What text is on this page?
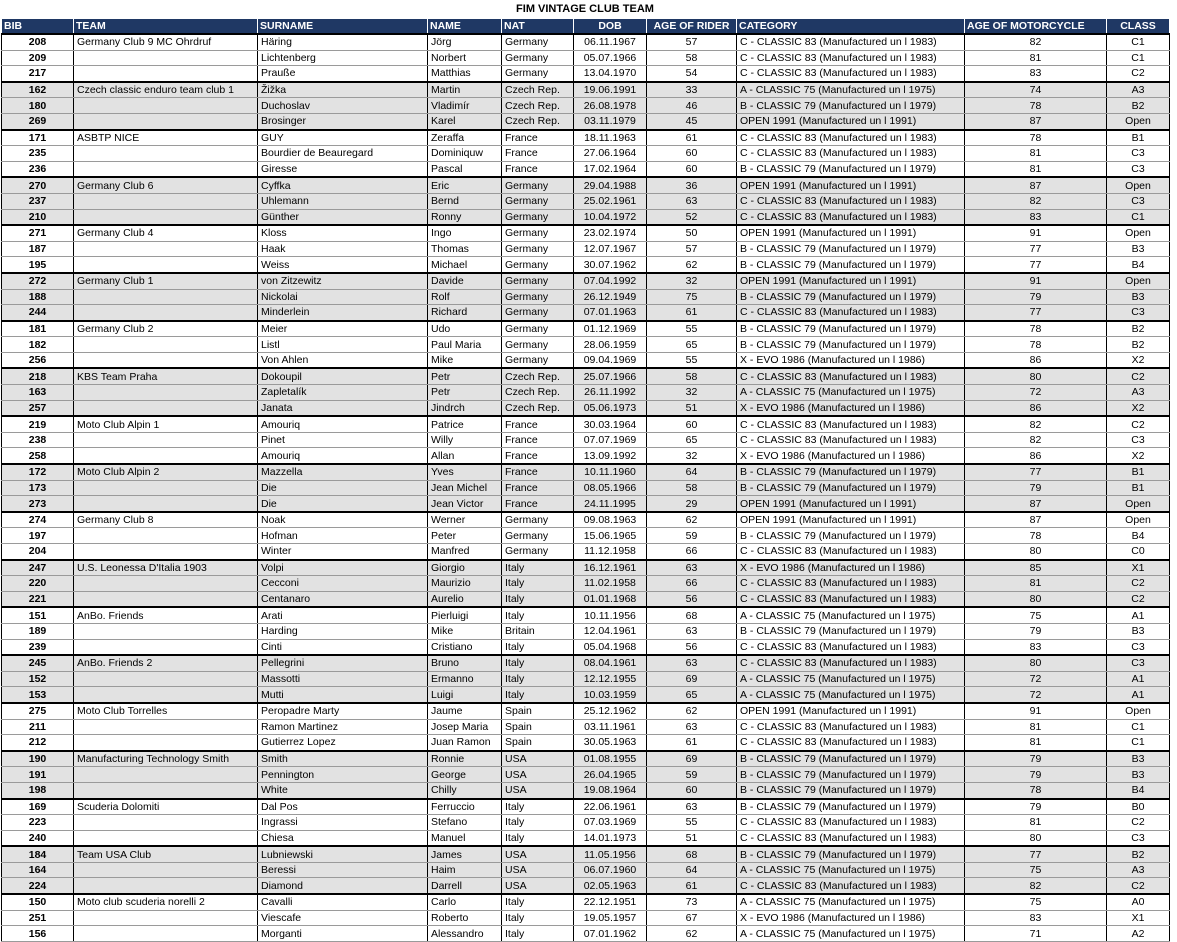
FIM VINTAGE CLUB TEAM
BIB	TEAM	SURNAME	NAME	NAT	DOB	AGE OF RIDER	CATEGORY	AGE OF MOTORCYCLE	CLASS
208	Germany Club 9 MC Ohrdruf	Häring	Jörg	Germany	06.11.1967	57	C - CLASSIC 83 (Manufactured un l 1983)	82	C1
209		Lichtenberg	Norbert	Germany	05.07.1966	58	C - CLASSIC 83 (Manufactured un l 1983)	81	C1
217		Prauße	Matthias	Germany	13.04.1970	54	C - CLASSIC 83 (Manufactured un l 1983)	83	C2
162	Czech classic enduro team club 1	Žižka	Martin	Czech Rep.	19.06.1991	33	A - CLASSIC 75 (Manufactured un l 1975)	74	A3
180		Duchoslav	Vladimír	Czech Rep.	26.08.1978	46	B - CLASSIC 79 (Manufactured un l 1979)	78	B2
269		Brosinger	Karel	Czech Rep.	03.11.1979	45	OPEN 1991 (Manufactured un l 1991)	87	Open
171	ASBTP NICE	GUY	Zeraffa	France	18.11.1963	61	C - CLASSIC 83 (Manufactured un l 1983)	78	B1
235		Bourdier de Beauregard	Dominiquw	France	27.06.1964	60	C - CLASSIC 83 (Manufactured un l 1983)	81	C3
236		Giresse	Pascal	France	17.02.1964	60	B - CLASSIC 79 (Manufactured un l 1979)	81	C3
270	Germany Club 6	Cyffka	Eric	Germany	29.04.1988	36	OPEN 1991 (Manufactured un l 1991)	87	Open
237		Uhlemann	Bernd	Germany	25.02.1961	63	C - CLASSIC 83 (Manufactured un l 1983)	82	C3
210		Günther	Ronny	Germany	10.04.1972	52	C - CLASSIC 83 (Manufactured un l 1983)	83	C1
271	Germany Club 4	Kloss	Ingo	Germany	23.02.1974	50	OPEN 1991 (Manufactured un l 1991)	91	Open
187		Haak	Thomas	Germany	12.07.1967	57	B - CLASSIC 79 (Manufactured un l 1979)	77	B3
195		Weiss	Michael	Germany	30.07.1962	62	B - CLASSIC 79 (Manufactured un l 1979)	77	B4
272	Germany Club 1	von Zitzewitz	Davide	Germany	07.04.1992	32	OPEN 1991 (Manufactured un l 1991)	91	Open
188		Nickolai	Rolf	Germany	26.12.1949	75	B - CLASSIC 79 (Manufactured un l 1979)	79	B3
244		Minderlein	Richard	Germany	07.01.1963	61	C - CLASSIC 83 (Manufactured un l 1983)	77	C3
181	Germany Club 2	Meier	Udo	Germany	01.12.1969	55	B - CLASSIC 79 (Manufactured un l 1979)	78	B2
182		Listl	Paul Maria	Germany	28.06.1959	65	B - CLASSIC 79 (Manufactured un l 1979)	78	B2
256		Von Ahlen	Mike	Germany	09.04.1969	55	X - EVO 1986 (Manufactured un l 1986)	86	X2
218	KBS Team Praha	Dokoupil	Petr	Czech Rep.	25.07.1966	58	C - CLASSIC 83 (Manufactured un l 1983)	80	C2
163		Zapletalík	Petr	Czech Rep.	26.11.1992	32	A - CLASSIC 75 (Manufactured un l 1975)	72	A3
257		Janata	Jindrch	Czech Rep.	05.06.1973	51	X - EVO 1986 (Manufactured un l 1986)	86	X2
219	Moto Club Alpin 1	Amouriq	Patrice	France	30.03.1964	60	C - CLASSIC 83 (Manufactured un l 1983)	82	C2
238		Pinet	Willy	France	07.07.1969	65	C - CLASSIC 83 (Manufactured un l 1983)	82	C3
258		Amouriq	Allan	France	13.09.1992	32	X - EVO 1986 (Manufactured un l 1986)	86	X2
172	Moto Club Alpin 2	Mazzella	Yves	France	10.11.1960	64	B - CLASSIC 79 (Manufactured un l 1979)	77	B1
173		Die	Jean Michel	France	08.05.1966	58	B - CLASSIC 79 (Manufactured un l 1979)	79	B1
273		Die	Jean Victor	France	24.11.1995	29	OPEN 1991 (Manufactured un l 1991)	87	Open
274	Germany Club 8	Noak	Werner	Germany	09.08.1963	62	OPEN 1991 (Manufactured un l 1991)	87	Open
197		Hofman	Peter	Germany	15.06.1965	59	B - CLASSIC 79 (Manufactured un l 1979)	78	B4
204		Winter	Manfred	Germany	11.12.1958	66	C - CLASSIC 83 (Manufactured un l 1983)	80	C0
247	U.S. Leonessa D'Italia 1903	Volpi	Giorgio	Italy	16.12.1961	63	X - EVO 1986 (Manufactured un l 1986)	85	X1
220		Cecconi	Maurizio	Italy	11.02.1958	66	C - CLASSIC 83 (Manufactured un l 1983)	81	C2
221		Centanaro	Aurelio	Italy	01.01.1968	56	C - CLASSIC 83 (Manufactured un l 1983)	80	C2
151	AnBo. Friends	Arati	Pierluigi	Italy	10.11.1956	68	A - CLASSIC 75 (Manufactured un l 1975)	75	A1
189		Harding	Mike	Britain	12.04.1961	63	B - CLASSIC 79 (Manufactured un l 1979)	79	B3
239		Cinti	Cristiano	Italy	05.04.1968	56	C - CLASSIC 83 (Manufactured un l 1983)	83	C3
245	AnBo. Friends 2	Pellegrini	Bruno	Italy	08.04.1961	63	C - CLASSIC 83 (Manufactured un l 1983)	80	C3
152		Massotti	Ermanno	Italy	12.12.1955	69	A - CLASSIC 75 (Manufactured un l 1975)	72	A1
153		Mutti	Luigi	Italy	10.03.1959	65	A - CLASSIC 75 (Manufactured un l 1975)	72	A1
275	Moto Club Torrelles	Peropadre Marty	Jaume	Spain	25.12.1962	62	OPEN 1991 (Manufactured un l 1991)	91	Open
211		Ramon Martinez	Josep Maria	Spain	03.11.1961	63	C - CLASSIC 83 (Manufactured un l 1983)	81	C1
212		Gutierrez Lopez	Juan Ramon	Spain	30.05.1963	61	C - CLASSIC 83 (Manufactured un l 1983)	81	C1
190	Manufacturing Technology Smith	Smith	Ronnie	USA	01.08.1955	69	B - CLASSIC 79 (Manufactured un l 1979)	79	B3
191		Pennington	George	USA	26.04.1965	59	B - CLASSIC 79 (Manufactured un l 1979)	79	B3
198		White	Chilly	USA	19.08.1964	60	B - CLASSIC 79 (Manufactured un l 1979)	78	B4
169	Scuderia Dolomiti	Dal Pos	Ferruccio	Italy	22.06.1961	63	B - CLASSIC 79 (Manufactured un l 1979)	79	B0
223		Ingrassi	Stefano	Italy	07.03.1969	55	C - CLASSIC 83 (Manufactured un l 1983)	81	C2
240		Chiesa	Manuel	Italy	14.01.1973	51	C - CLASSIC 83 (Manufactured un l 1983)	80	C3
184	Team USA Club	Lubniewski	James	USA	11.05.1956	68	B - CLASSIC 79 (Manufactured un l 1979)	77	B2
164		Beressi	Haim	USA	06.07.1960	64	A - CLASSIC 75 (Manufactured un l 1975)	75	A3
224		Diamond	Darrell	USA	02.05.1963	61	C - CLASSIC 83 (Manufactured un l 1983)	82	C2
150	Moto club scuderia norelli 2	Cavalli	Carlo	Italy	22.12.1951	73	A - CLASSIC 75 (Manufactured un l 1975)	75	A0
251		Viescafe	Roberto	Italy	19.05.1957	67	X - EVO 1986 (Manufactured un l 1986)	83	X1
156		Morganti	Alessandro	Italy	07.01.1962	62	A - CLASSIC 75 (Manufactured un l 1975)	71	A2
